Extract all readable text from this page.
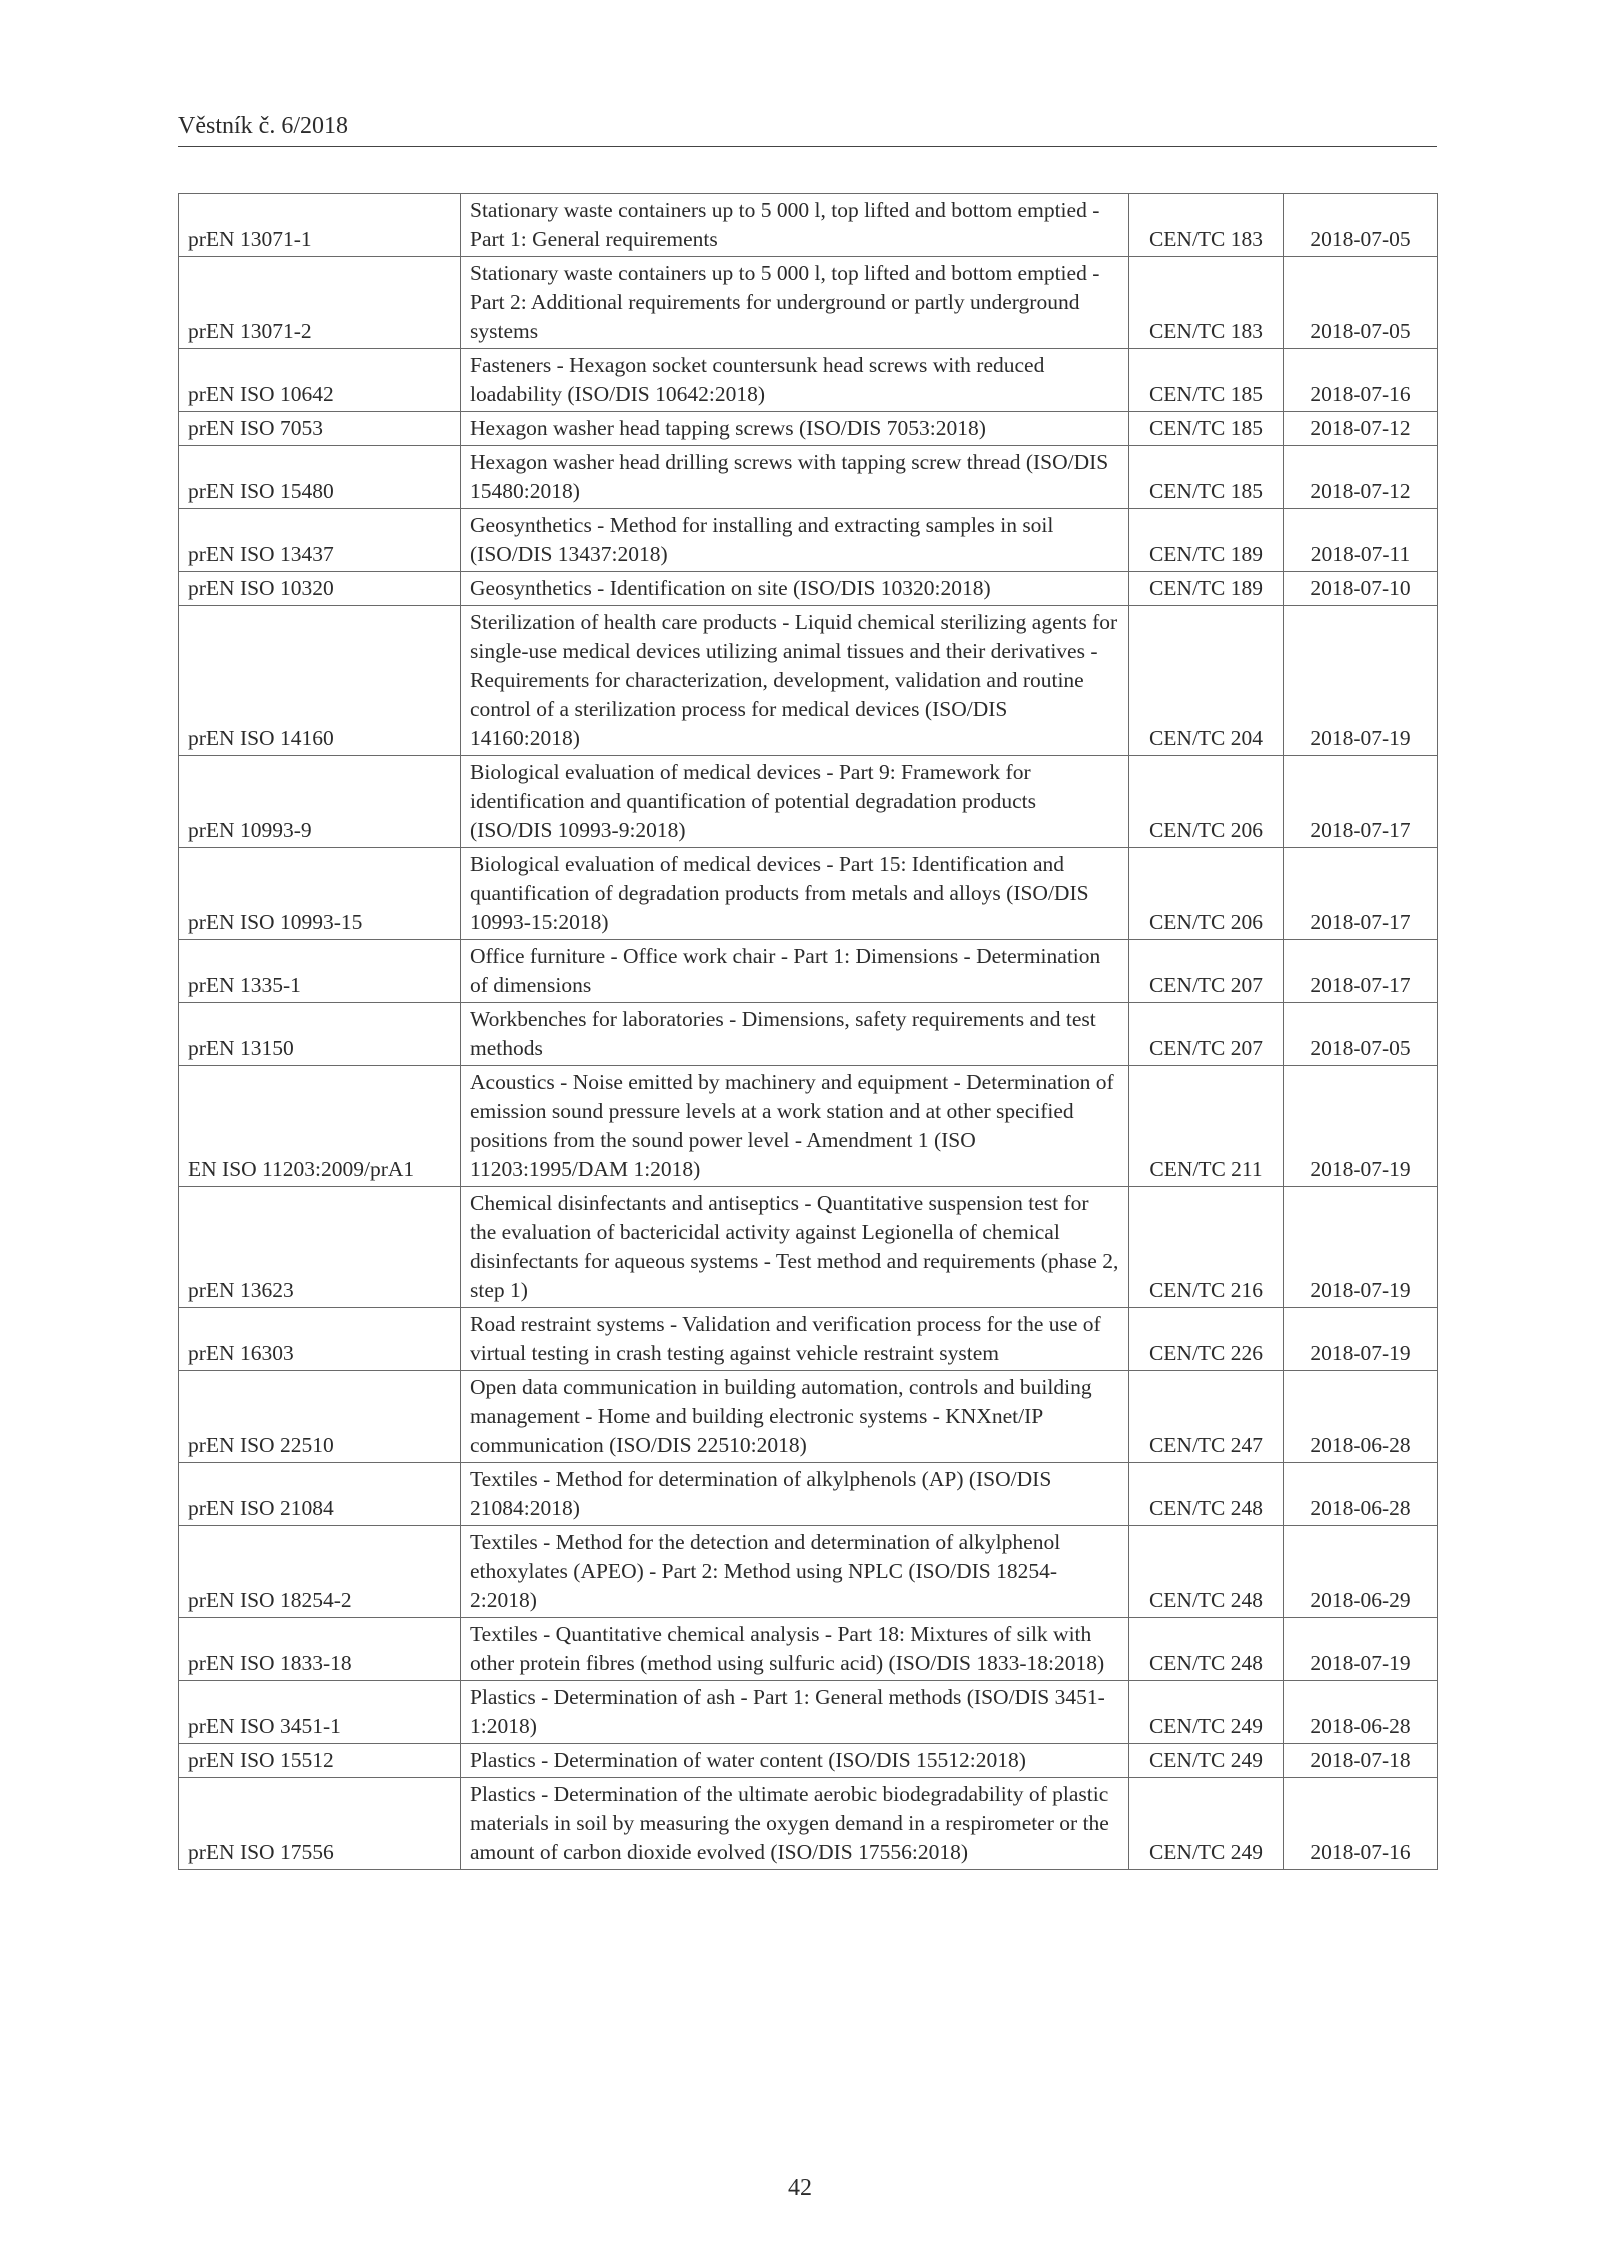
Věstník č. 6/2018
prEN 13071-1	Stationary waste containers up to 5 000 l, top lifted and bottom emptied - Part 1: General requirements	CEN/TC 183	2018-07-05
prEN 13071-2	Stationary waste containers up to 5 000 l, top lifted and bottom emptied - Part 2: Additional requirements for underground or partly underground systems	CEN/TC 183	2018-07-05
prEN ISO 10642	Fasteners - Hexagon socket countersunk head screws with reduced loadability (ISO/DIS 10642:2018)	CEN/TC 185	2018-07-16
prEN ISO 7053	Hexagon washer head tapping screws (ISO/DIS 7053:2018)	CEN/TC 185	2018-07-12
prEN ISO 15480	Hexagon washer head drilling screws with tapping screw thread (ISO/DIS 15480:2018)	CEN/TC 185	2018-07-12
prEN ISO 13437	Geosynthetics - Method for installing and extracting samples in soil (ISO/DIS 13437:2018)	CEN/TC 189	2018-07-11
prEN ISO 10320	Geosynthetics - Identification on site (ISO/DIS 10320:2018)	CEN/TC 189	2018-07-10
prEN ISO 14160	Sterilization of health care products - Liquid chemical sterilizing agents for single-use medical devices utilizing animal tissues and their derivatives - Requirements for characterization, development, validation and routine control of a sterilization process for medical devices (ISO/DIS 14160:2018)	CEN/TC 204	2018-07-19
prEN 10993-9	Biological evaluation of medical devices - Part 9: Framework for identification and quantification of potential degradation products (ISO/DIS 10993-9:2018)	CEN/TC 206	2018-07-17
prEN ISO 10993-15	Biological evaluation of medical devices - Part 15: Identification and quantification of degradation products from metals and alloys (ISO/DIS 10993-15:2018)	CEN/TC 206	2018-07-17
prEN 1335-1	Office furniture - Office work chair - Part 1: Dimensions - Determination of dimensions	CEN/TC 207	2018-07-17
prEN 13150	Workbenches for laboratories - Dimensions, safety requirements and test methods	CEN/TC 207	2018-07-05
EN ISO 11203:2009/prA1	Acoustics - Noise emitted by machinery and equipment - Determination of emission sound pressure levels at a work station and at other specified positions from the sound power level - Amendment 1 (ISO 11203:1995/DAM 1:2018)	CEN/TC 211	2018-07-19
prEN 13623	Chemical disinfectants and antiseptics - Quantitative suspension test for the evaluation of bactericidal activity against Legionella of chemical disinfectants for aqueous systems - Test method and requirements (phase 2, step 1)	CEN/TC 216	2018-07-19
prEN 16303	Road restraint systems - Validation and verification process for the use of virtual testing in crash testing against vehicle restraint system	CEN/TC 226	2018-07-19
prEN ISO 22510	Open data communication in building automation, controls and building management - Home and building electronic systems - KNXnet/IP communication (ISO/DIS 22510:2018)	CEN/TC 247	2018-06-28
prEN ISO 21084	Textiles - Method for determination of alkylphenols (AP) (ISO/DIS 21084:2018)	CEN/TC 248	2018-06-28
prEN ISO 18254-2	Textiles - Method for the detection and determination of alkylphenol ethoxylates (APEO) - Part 2: Method using NPLC (ISO/DIS 18254-2:2018)	CEN/TC 248	2018-06-29
prEN ISO 1833-18	Textiles - Quantitative chemical analysis - Part 18: Mixtures of silk with other protein fibres (method using sulfuric acid) (ISO/DIS 1833-18:2018)	CEN/TC 248	2018-07-19
prEN ISO 3451-1	Plastics - Determination of ash - Part 1: General methods (ISO/DIS 3451-1:2018)	CEN/TC 249	2018-06-28
prEN ISO 15512	Plastics - Determination of water content (ISO/DIS 15512:2018)	CEN/TC 249	2018-07-18
prEN ISO 17556	Plastics - Determination of the ultimate aerobic biodegradability of plastic materials in soil by measuring the oxygen demand in a respirometer or the amount of carbon dioxide evolved (ISO/DIS 17556:2018)	CEN/TC 249	2018-07-16
42
